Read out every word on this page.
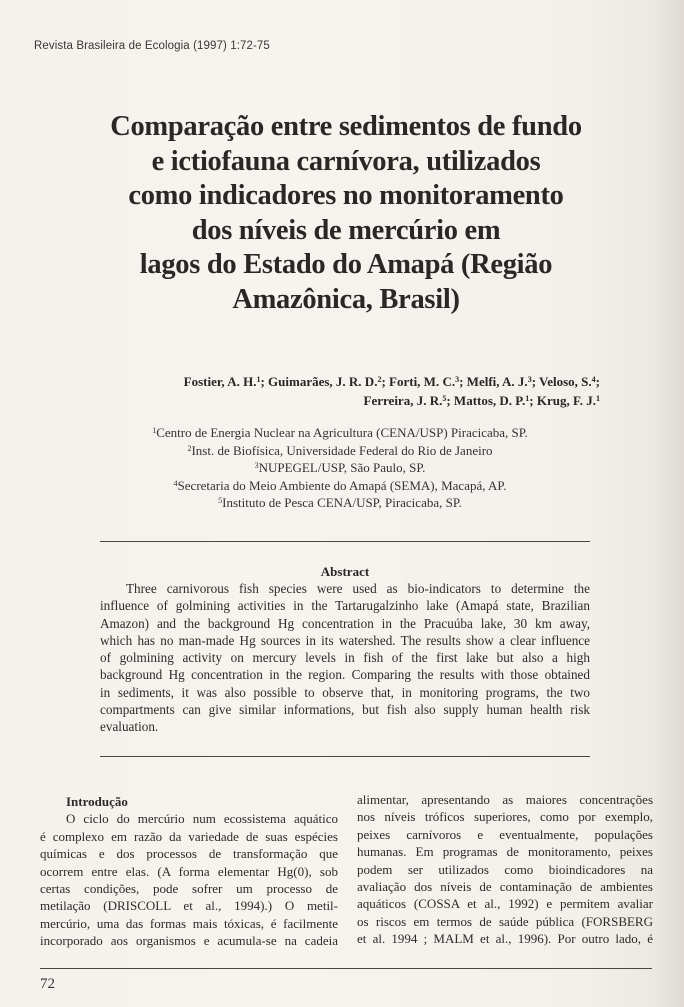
Revista Brasileira de Ecologia (1997) 1:72-75
Comparação entre sedimentos de fundo
e ictiofauna carnívora, utilizados
como indicadores no monitoramento
dos níveis de mercúrio em
lagos do Estado do Amapá (Região
Amazônica, Brasil)
Fostier, A. H.$^1$; Guimarães, J. R. D.$^2$; Forti, M. C.$^3$; Melfi, A. J.$^3$; Veloso, S.$^4$;
Ferreira, J. R.$^5$; Mattos, D. P.$^1$; Krug, F. J.$^1$
$^1$Centro de Energia Nuclear na Agricultura (CENA/USP) Piracicaba, SP.
$^2$Inst. de Biofísica, Universidade Federal do Rio de Janeiro
$^3$NUPEGEL/USP, São Paulo, SP.
$^4$Secretaria do Meio Ambiente do Amapá (SEMA), Macapá, AP.
$^5$Instituto de Pesca CENA/USP, Piracicaba, SP.
Abstract
Three carnivorous fish species were used as bio-indicators to determine the
influence of golmining activities in the Tartarugalzinho lake (Amapá state, Brazilian
Amazon) and the background Hg concentration in the Pracuúba lake, 30 km away,
which has no man-made Hg sources in its watershed. The results show a clear influence
of golmining activity on mercury levels in fish of the first lake but also a high
background Hg concentration in the region. Comparing the results with those obtained
in sediments, it was also possible to observe that, in monitoring programs, the two
compartments can give similar informations, but fish also supply human health risk
evaluation.
Introdução
O ciclo do mercúrio num ecossistema aquático
é complexo em razão da variedade de suas espécies
químicas e dos processos de transformação que
ocorrem entre elas. (A forma elementar Hg(0), sob
certas condições, pode sofrer um processo de
metilação (DRISCOLL et al., 1994).) O metil-
mercúrio, uma das formas mais tóxicas, é facilmente
incorporado aos organismos e acumula-se na cadeia
alimentar, apresentando as maiores concentrações
nos níveis tróficos superiores, como por exemplo,
peixes carnívoros e eventualmente, populações
humanas. Em programas de monitoramento, peixes
podem ser utilizados como bioindicadores na
avaliação dos níveis de contaminação de ambientes
aquáticos (COSSA et al., 1992) e permitem avaliar
os riscos em termos de saúde pública (FORSBERG
et al. 1994 ; MALM et al., 1996). Por outro lado, é
72
